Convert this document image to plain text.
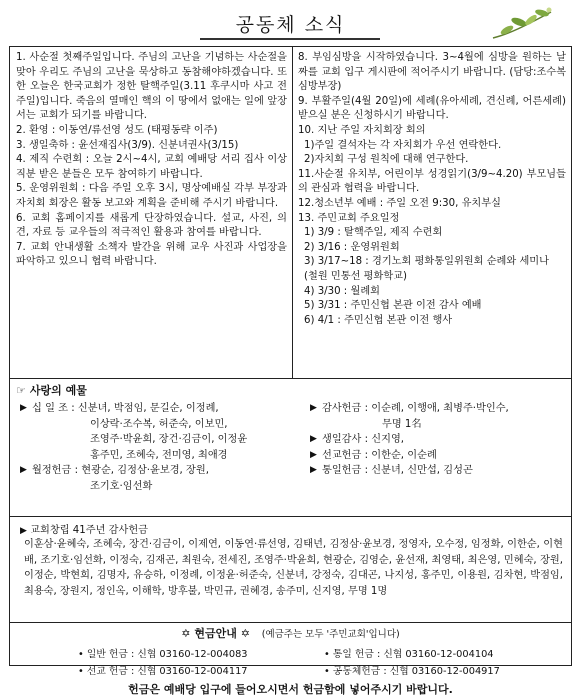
공동체 소식
1. 사순절 첫째주일입니다. 주님의 고난을 기념하는 사순절을 맞아 우리도 주님의 고난을 묵상하고 동참해야하겠습니다. 또한 오늘은 한국교회가 정한 탈핵주일(3.11 후쿠시마 사고 전 주일)입니다. 죽음의 열매인 핵의 이 땅에서 없애는 일에 앞장서는 교회가 되기를 바랍니다.
2. 환영 : 이동연/류선영 성도 (태평동략 이주)
3. 생일축하 : 윤선재집사(3/9). 신분녀권사(3/15)
4. 제직 수련회 : 오늘 2시~4시, 교회 예배당 서리 집사 이상 직분 받은 분들은 모두 참여하기 바랍니다.
5. 운영위원회 : 다음 주일 오후 3시, 명상예배실 각부 부장과 자치회 회장은 활동 보고와 계획을 준비해 주시기 바랍니다.
6. 교회 홈페이지를 새롭게 단장하였습니다. 설교, 사진, 의견, 자료 등 교우들의 적극적인 활용과 참여를 바랍니다.
7. 교회 안내생활 소책자 발간을 위해 교우 사진과 사업장을 파악하고 있으니 협력 바랍니다.
8. 부임심방을 시작하였습니다. 3~4월에 심방을 원하는 날짜를 교회 입구 게시판에 적어주시기 바랍니다. (담당:조수복심방부장)
9. 부활주일(4월 20일)에 세례(유아세례, 견신례, 어른세례) 받으실 분은 신청하시기 바랍니다.
10. 지난 주일 자치회장 회의
1)주일 결석자는 각 자치회가 우선 연락한다.
2)자치회 구성 원칙에 대해 연구한다.
11.사순절 유치부, 어린이부 성경읽기(3/9~4.20) 부모님들의 관심과 협력을 바랍니다.
12.청소년부 예배 : 주일 오전 9:30, 유치부실
13. 주민교회 주요일정
1) 3/9 : 탈핵주일, 제직 수련회
2) 3/16 : 운영위원회
3) 3/17~18 : 경기노회 평화통일위원회 순례와 세미나 (철원 민통선 평화학교)
4) 3/30 : 월례회
5) 3/31 : 주민신협 본관 이전 감사 예배
6) 4/1 : 주민신협 본관 이전 행사
☞ 사랑의 예물
▶ 십 일 조 : 신분녀, 박점임, 문길순, 이정례,
이상락·조수복, 허준숙, 이보민,
조영주·박윤희, 장건·김금이, 이정윤
홍주민, 조혜숙, 전미영, 최애경
▶ 월정헌금 : 현광순, 김정삼·윤보경, 장원,
조기호·임선화
▶ 감사헌금 : 이순례, 이행애, 최병주·박인수,
무명 1名
▶ 생일감사 : 신지영,
▶ 선교헌금 : 이한순, 이순례
▶ 통일헌금 : 신분녀, 신만섭, 김성곤
▶ 교회창립 41주년 감사헌금
이훈삼·윤혜숙, 조혜숙, 장건·김금이, 이제연, 이동연·류선영, 김태년, 김정삼·윤보경, 정영자, 오수정, 임정화, 이한순, 이현배, 조기호·임선화, 이정숙, 김재곤, 최원숙, 전세진, 조영주·박윤희, 현광순, 김영순, 윤선재, 최영태, 최은영, 민혜숙, 장원, 이정순, 박현희, 김명자, 유승하, 이정례, 이정윤·허준숙, 신분녀, 강정숙, 김대곤, 나지성, 홍주민, 이용원, 김차현, 박점임, 최용숙, 장원지, 정인옥, 이해학, 방후불, 박민규, 권혜경, 송주미, 신지영, 무명 1명
✡ 현금안내 ✡ (예금주는 모두 '주민교회'입니다)
• 일반 헌금 : 신협 03160-12-004083	• 통일 헌금 : 신협 03160-12-004104
• 선교 헌금 : 신협 03160-12-004117	• 공동체헌금 : 신협 03160-12-004917
헌금은 예배당 입구에 들어오시면서 헌금함에 넣어주시기 바랍니다.
